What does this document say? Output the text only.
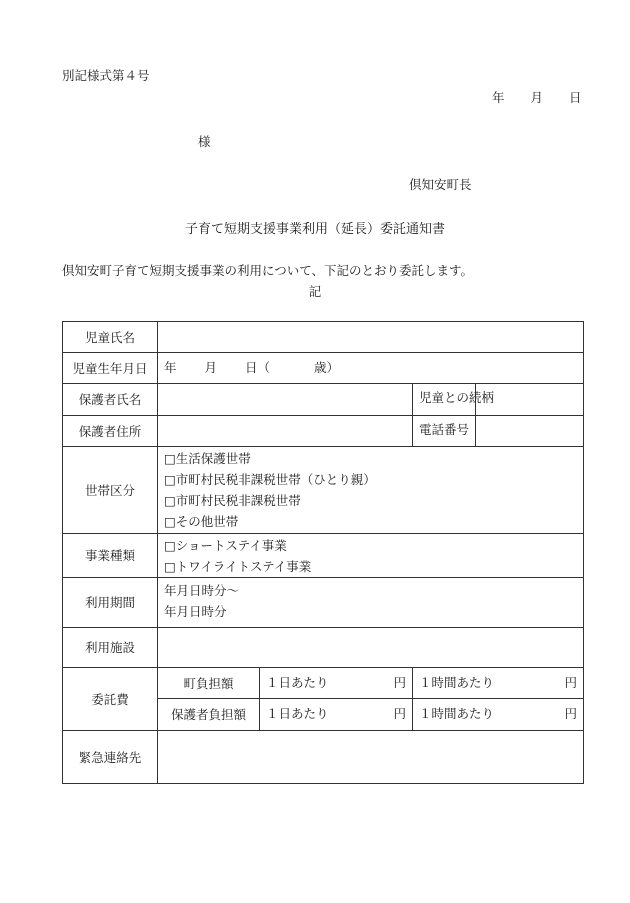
別記様式第４号
年 月 日
様
倶知安町長
子育て短期支援事業利用（延長）委託通知書
倶知安町子育て短期支援事業の利用について、下記のとおり委託します。
記
児童氏名				
児童生年月日	年 月 日（ 歳）			
保護者氏名			児童との続柄	
保護者住所			電話番号	
世帯区分	□生活保護世帯
□市町村民税非課税世帯（ひとり親）
□市町村民税非課税世帯
□その他世帯			

事業種類	□ショートステイ事業
□トワイライトステイ事業			

利用期間	年月日時分～
年月日時分			

利用施設				
委託費	町負担額	１日あたり 円	１時間あたり 円	

	保護者負担額	１日あたり 円	１時間あたり 円	

緊急連絡先				
